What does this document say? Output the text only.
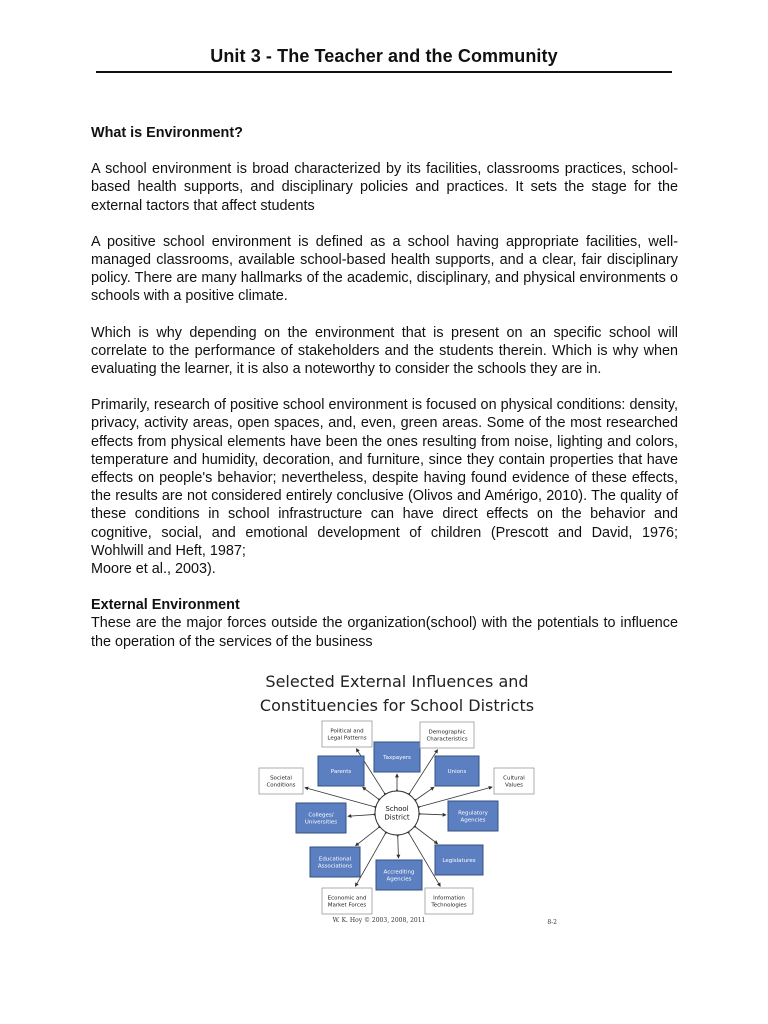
Unit 3 - The Teacher and the Community
What is Environment?

A school environment is broad characterized by its facilities, classrooms practices, school-based health supports, and disciplinary policies and practices. It sets the stage for the external tactors that affect students

A positive school environment is defined as a school having appropriate facilities, well-managed classrooms, available school-based health supports, and a clear, fair disciplinary policy. There are many hallmarks of the academic, disciplinary, and physical environments o schools with a positive climate.

Which is why depending on the environment that is present on an specific school will correlate to the performance of stakeholders and the students therein. Which is why when evaluating the learner, it is also a noteworthy to consider the schools they are in.

Primarily, research of positive school environment is focused on physical conditions: density, privacy, activity areas, open spaces, and, even, green areas. Some of the most researched effects from physical elements have been the ones resulting from noise, lighting and colors, temperature and humidity, decoration, and furniture, since they contain properties that have effects on people's behavior; nevertheless, despite having found evidence of these effects, the results are not considered entirely conclusive (Olivos and Amérigo, 2010). The quality of these conditions in school infrastructure can have direct effects on the behavior and cognitive, social, and emotional development of children (Prescott and David, 1976; Wohlwill and Heft, 1987;

Moore et al., 2003).

External Environment

These are the major forces outside the organization(school) with the potentials to influence the operation of the services of the business

Selected External Influences and
Constituencies for School Districts
School
District
Taxpayers
Parents	Unions
Colleges/
Universities
Regulatory
Agencies
Educational
Associations
Legislatures
Accrediting
Agencies
Political and
Legal Patterns
Demographic
Characteristics
Societal
Conditions
Cultural
Values
Economic and
Market Forces
Information
Technologies
W. K. Hoy © 2003, 2008, 2011	8-2
